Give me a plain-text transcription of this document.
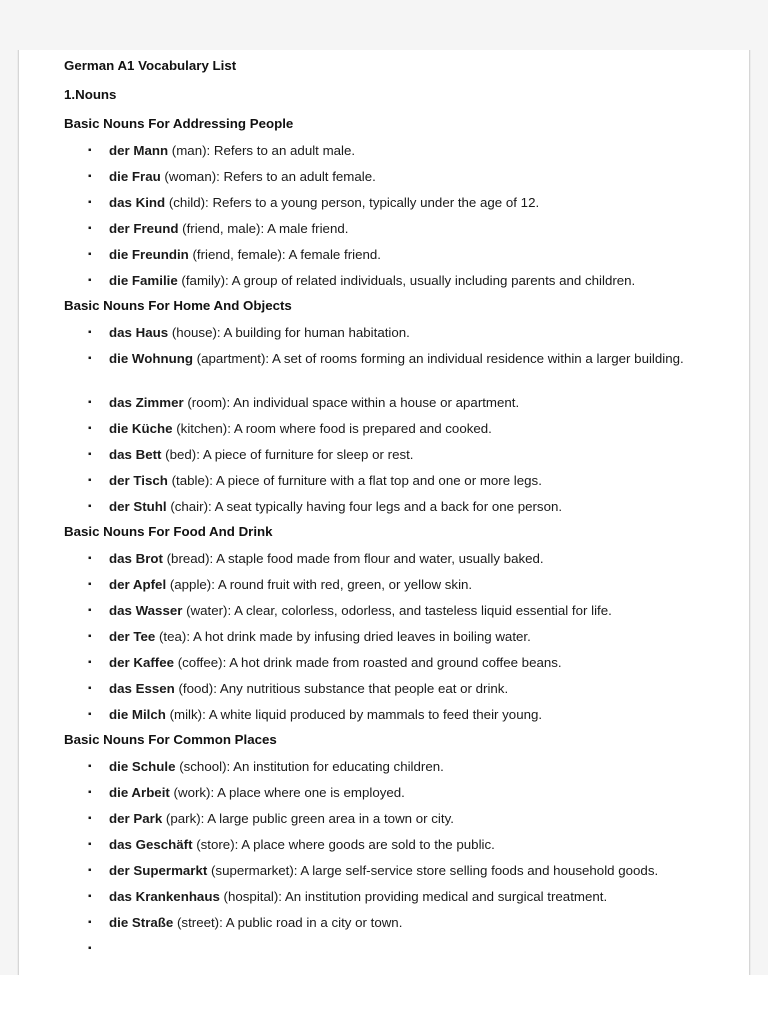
German A1 Vocabulary List

1.Nouns

Basic Nouns For Addressing People

▪ der Mann (man): Refers to an adult male.
▪ die Frau (woman): Refers to an adult female.
▪ das Kind (child): Refers to a young person, typically under the age of 12.
▪ der Freund (friend, male): A male friend.
▪ die Freundin (friend, female): A female friend.
▪ die Familie (family): A group of related individuals, usually including parents and children.

Basic Nouns For Home And Objects

▪ das Haus (house): A building for human habitation.
▪ die Wohnung (apartment): A set of rooms forming an individual residence within a larger building.
▪ das Zimmer (room): An individual space within a house or apartment.
▪ die Küche (kitchen): A room where food is prepared and cooked.
▪ das Bett (bed): A piece of furniture for sleep or rest.
▪ der Tisch (table): A piece of furniture with a flat top and one or more legs.
▪ der Stuhl (chair): A seat typically having four legs and a back for one person.

Basic Nouns For Food And Drink

▪ das Brot (bread): A staple food made from flour and water, usually baked.
▪ der Apfel (apple): A round fruit with red, green, or yellow skin.
▪ das Wasser (water): A clear, colorless, odorless, and tasteless liquid essential for life.
▪ der Tee (tea): A hot drink made by infusing dried leaves in boiling water.
▪ der Kaffee (coffee): A hot drink made from roasted and ground coffee beans.
▪ das Essen (food): Any nutritious substance that people eat or drink.
▪ die Milch (milk): A white liquid produced by mammals to feed their young.

Basic Nouns For Common Places

▪ die Schule (school): An institution for educating children.
▪ die Arbeit (work): A place where one is employed.
▪ der Park (park): A large public green area in a town or city.
▪ das Geschäft (store): A place where goods are sold to the public.
▪ der Supermarkt (supermarket): A large self-service store selling foods and household goods.
▪ das Krankenhaus (hospital): An institution providing medical and surgical treatment.
▪ die Straße (street): A public road in a city or town.
▪
